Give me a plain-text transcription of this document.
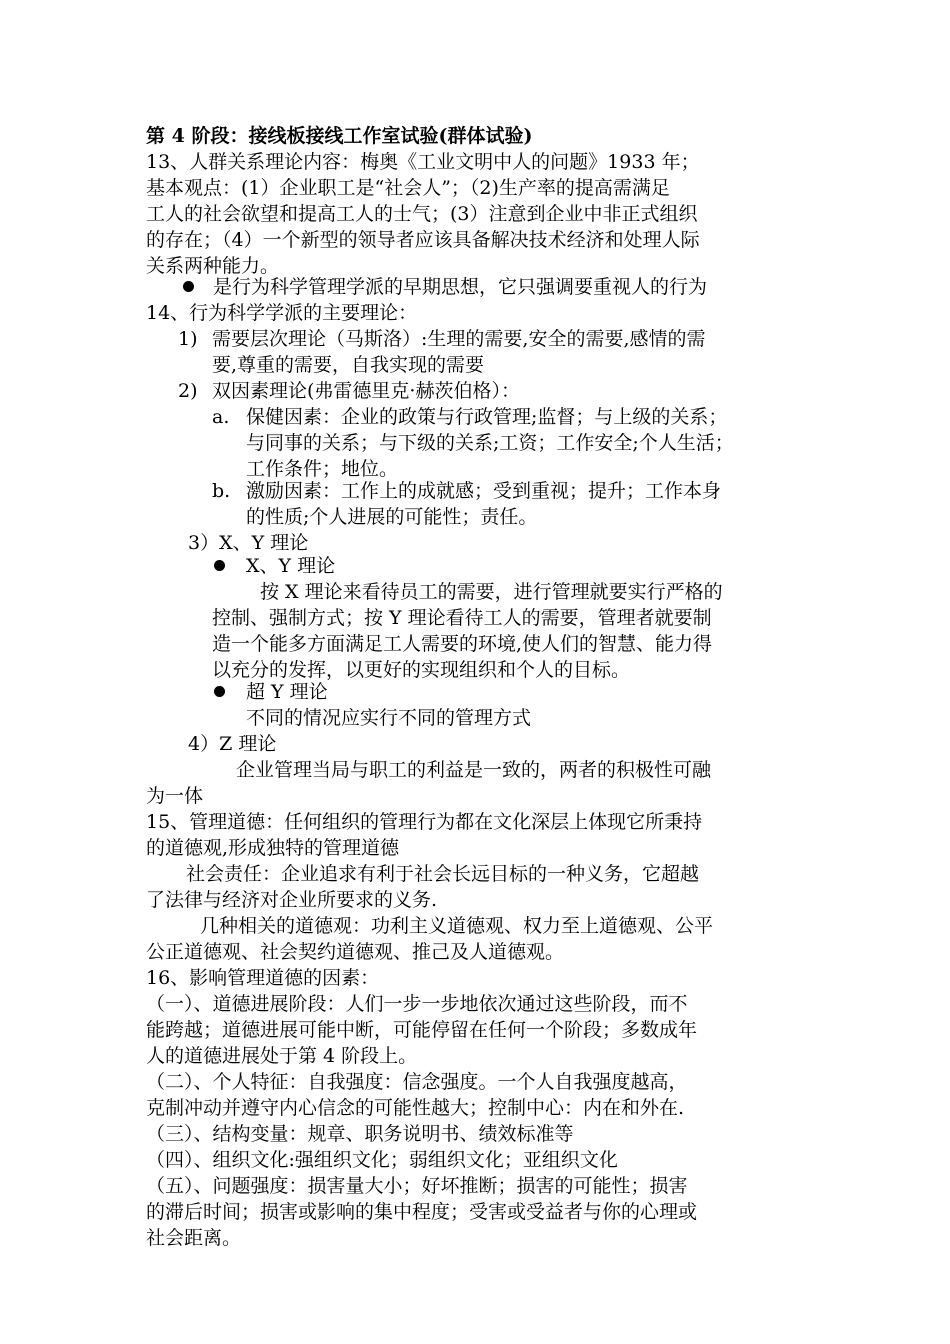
第 4 阶段：接线板接线工作室试验(群体试验)
13、人群关系理论内容：梅奥《工业文明中人的问题》1933 年；
基本观点：(1）企业职工是“社会人”；（2)生产率的提高需满足
工人的社会欲望和提高工人的士气；(3）注意到企业中非正式组织
的存在；（4）一个新型的领导者应该具备解决技术经济和处理人际
关系两种能力。
是行为科学管理学派的早期思想，它只强调要重视人的行为
14、行为科学学派的主要理论：
1) 需要层次理论（马斯洛）:生理的需要,安全的需要,感情的需
要,尊重的需要，自我实现的需要
2) 双因素理论(弗雷德里克·赫茨伯格）：
a. 保健因素：企业的政策与行政管理;监督；与上级的关系；
与同事的关系；与下级的关系;工资；工作安全;个人生活；
工作条件；地位。
b. 激励因素：工作上的成就感；受到重视；提升；工作本身
的性质;个人进展的可能性；责任。
3）X、Y 理论
X、Y 理论
按 X 理论来看待员工的需要，进行管理就要实行严格的
控制、强制方式；按 Y 理论看待工人的需要，管理者就要制
造一个能多方面满足工人需要的环境,使人们的智慧、能力得
以充分的发挥，以更好的实现组织和个人的目标。
超 Y 理论
不同的情况应实行不同的管理方式
4）Z 理论
企业管理当局与职工的利益是一致的，两者的积极性可融
为一体
15、管理道德：任何组织的管理行为都在文化深层上体现它所秉持
的道德观,形成独特的管理道德
社会责任：企业追求有利于社会长远目标的一种义务，它超越
了法律与经济对企业所要求的义务.
几种相关的道德观：功利主义道德观、权力至上道德观、公平
公正道德观、社会契约道德观、推己及人道德观。
16、影响管理道德的因素：
（一）、道德进展阶段：人们一步一步地依次通过这些阶段，而不
能跨越；道德进展可能中断，可能停留在任何一个阶段；多数成年
人的道德进展处于第 4 阶段上。
（二）、个人特征：自我强度：信念强度。一个人自我强度越高，
克制冲动并遵守内心信念的可能性越大；控制中心：内在和外在.
（三）、结构变量：规章、职务说明书、绩效标准等
（四）、组织文化:强组织文化；弱组织文化；亚组织文化
（五）、问题强度：损害量大小；好坏推断；损害的可能性；损害
的滞后时间；损害或影响的集中程度；受害或受益者与你的心理或
社会距离。
